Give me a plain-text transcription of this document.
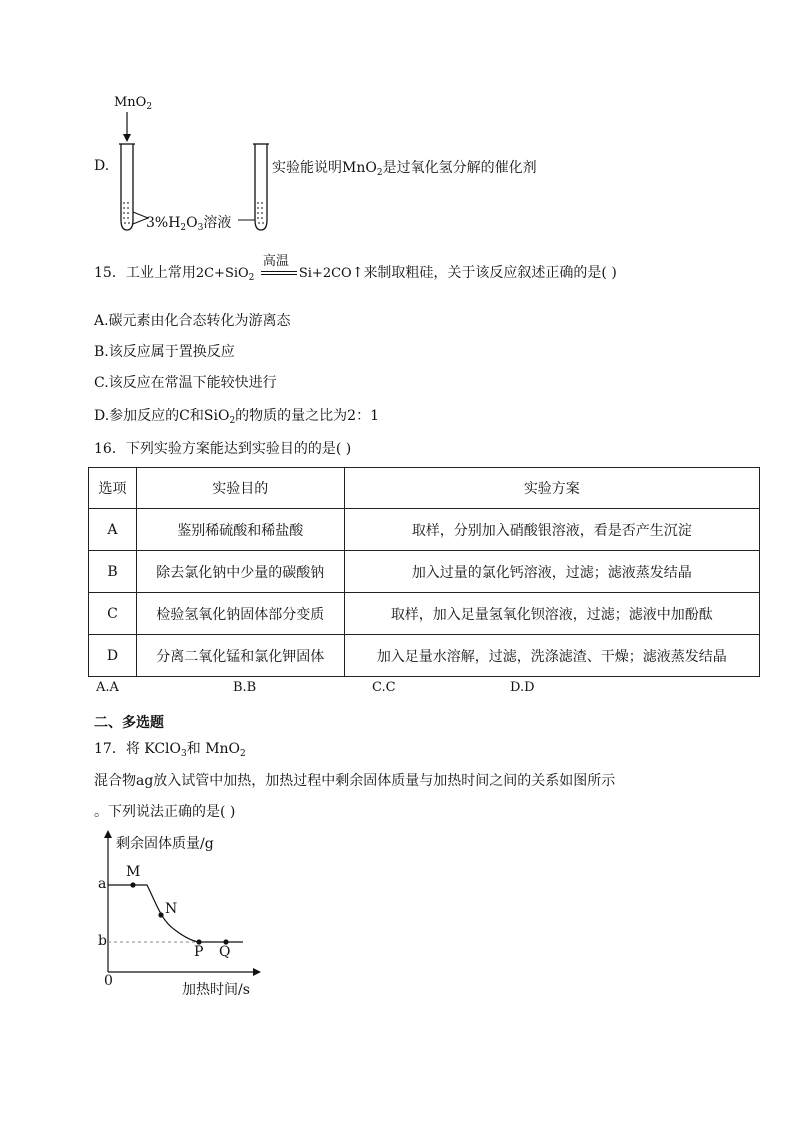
D.
MnO$_2$
$3\%H_2O_3$溶液
实验能说明MnO$_2$是过氧化氢分解的催化剂
15．工业上常用2C+SiO$_2$
高温
Si+2CO↑来制取粗硅，关于该反应叙述正确的是( )
A.碳元素由化合态转化为游离态
B.该反应属于置换反应
C.该反应在常温下能较快进行
D.参加反应的C和SiO$_2$的物质的量之比为2：1
16．下列实验方案能达到实验目的的是( )
选项	实验目的	实验方案
A	鉴别稀硫酸和稀盐酸	取样，分别加入硝酸银溶液，看是否产生沉淀
B	除去氯化钠中少量的碳酸钠	加入过量的氯化钙溶液，过滤；滤液蒸发结晶
C	检验氢氧化钠固体部分变质	取样，加入足量氢氧化钡溶液，过滤；滤液中加酚酞
D	分离二氧化锰和氯化钾固体	加入足量水溶解，过滤，洗涤滤渣、干燥；滤液蒸发结晶
A.A	B.B	C.C	D.D
二、多选题
17．将 KClO$_3$和 MnO$_2$
混合物ag放入试管中加热，加热过程中剩余固体质量与加热时间之间的关系如图所示
。下列说法正确的是( )
剩余固体质量/g
加热时间/s
0
a
b
M
N
P Q
